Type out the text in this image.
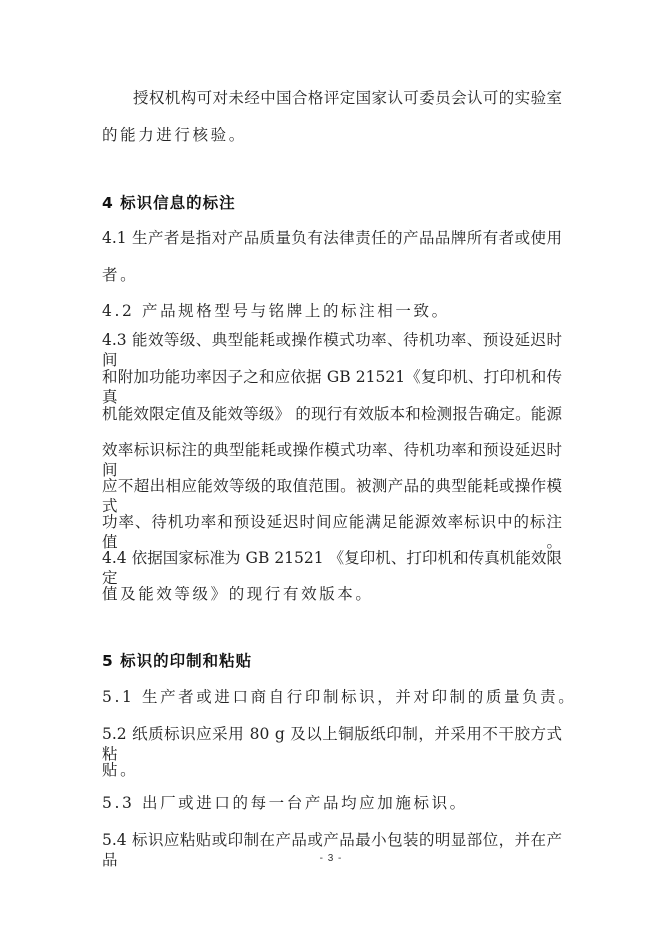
授权机构可对未经中国合格评定国家认可委员会认可的实验室
的能力进行核验。
4 标识信息的标注
4.1 生产者是指对产品质量负有法律责任的产品品牌所有者或使用
者。
4.2 产品规格型号与铭牌上的标注相一致。
4.3 能效等级、典型能耗或操作模式功率、待机功率、预设延迟时间
和附加功能功率因子之和应依据 GB 21521《复印机、打印机和传真
机能效限定值及能效等级》 的现行有效版本和检测报告确定。能源
效率标识标注的典型能耗或操作模式功率、待机功率和预设延迟时间
应不超出相应能效等级的取值范围。被测产品的典型能耗或操作模式
功率、待机功率和预设延迟时间应能满足能源效率标识中的标注值。
4.4 依据国家标准为 GB 21521 《复印机、打印机和传真机能效限定
值及能效等级》的现行有效版本。
5 标识的印制和粘贴
5.1 生产者或进口商自行印制标识，并对印制的质量负责。
5.2 纸质标识应采用 80 g 及以上铜版纸印制，并采用不干胶方式粘
贴。
5.3 出厂或进口的每一台产品均应加施标识。
5.4 标识应粘贴或印制在产品或产品最小包装的明显部位，并在产品	- 3 -
